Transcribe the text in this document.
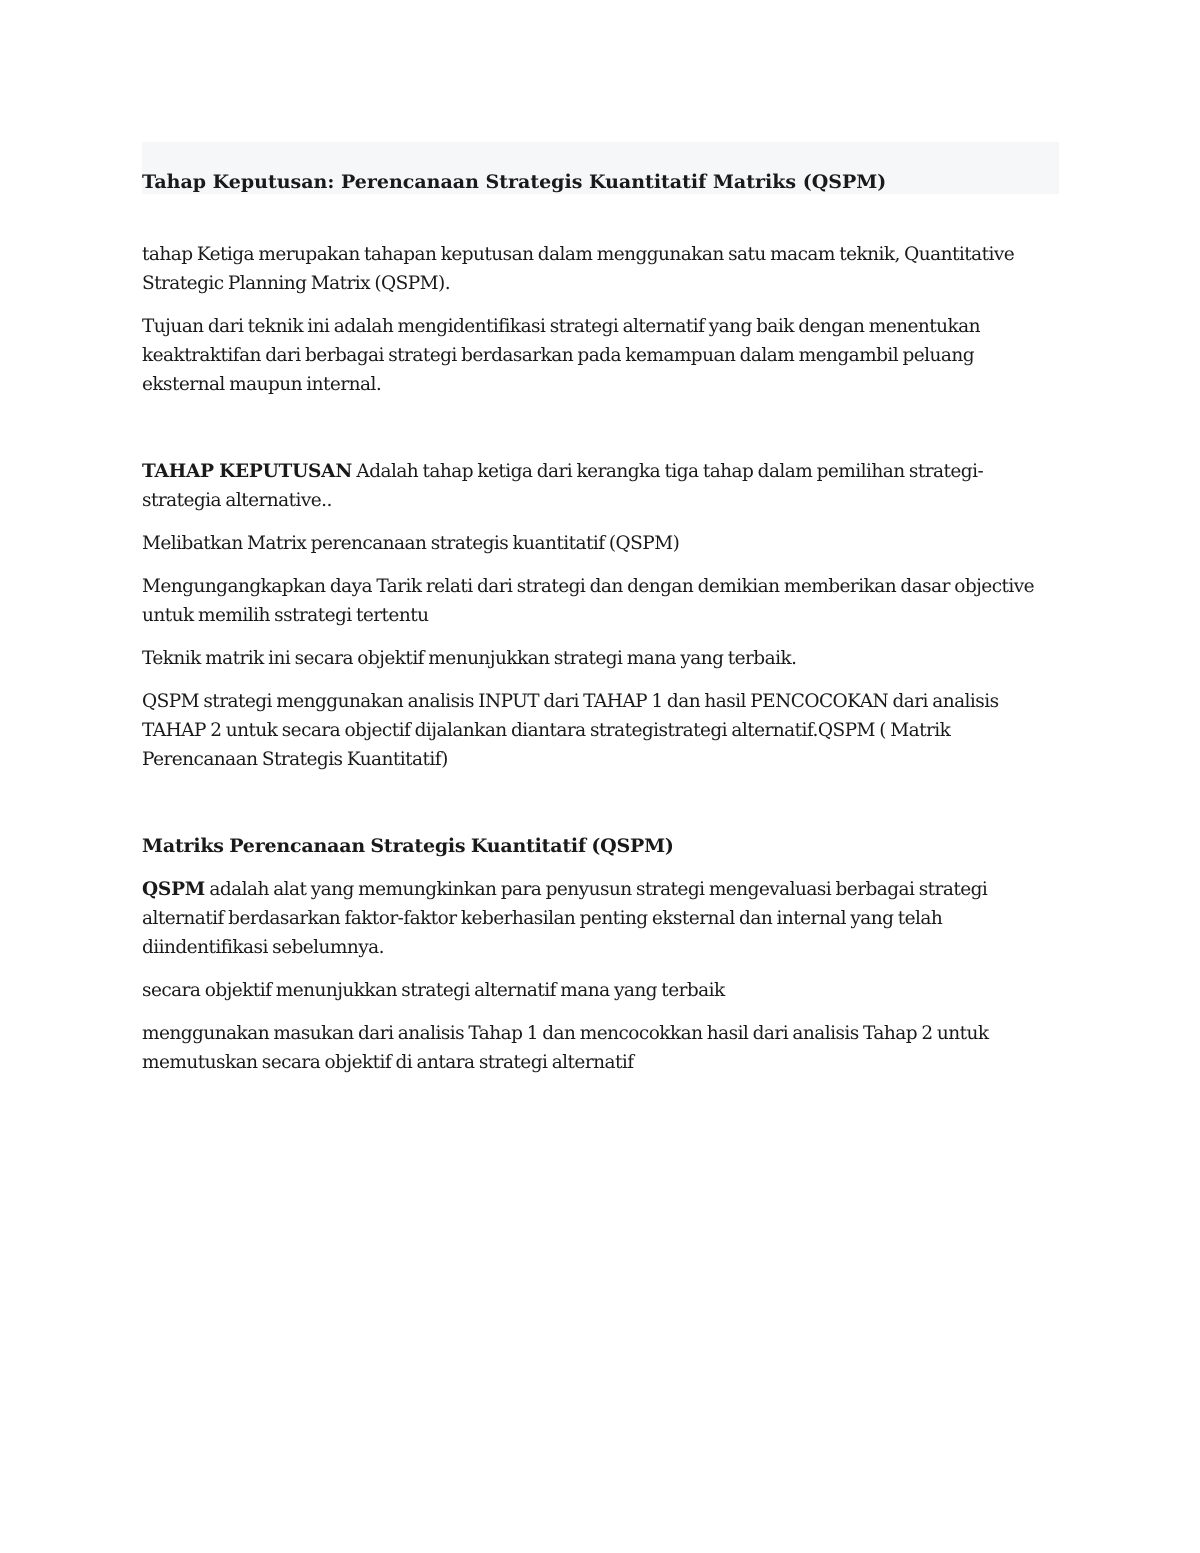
Tahap Keputusan: Perencanaan Strategis Kuantitatif Matriks (QSPM)

tahap Ketiga merupakan tahapan keputusan dalam menggunakan satu macam teknik, Quantitative Strategic Planning Matrix (QSPM).

Tujuan dari teknik ini adalah mengidentifikasi strategi alternatif yang baik dengan menentukan keaktraktifan dari berbagai strategi berdasarkan pada kemampuan dalam mengambil peluang eksternal maupun internal.

TAHAP KEPUTUSAN Adalah tahap ketiga dari kerangka tiga tahap dalam pemilihan strategi-strategia alternative..

Melibatkan Matrix perencanaan strategis kuantitatif (QSPM)

Mengungangkapkan daya Tarik relati dari strategi dan dengan demikian memberikan dasar objective untuk memilih sstrategi tertentu

Teknik matrik ini secara objektif menunjukkan strategi mana yang terbaik.

QSPM strategi menggunakan analisis INPUT dari TAHAP 1 dan hasil PENCOCOKAN dari analisis TAHAP 2 untuk secara objectif dijalankan diantara strategistrategi alternatif.QSPM ( Matrik Perencanaan Strategis Kuantitatif)

Matriks Perencanaan Strategis Kuantitatif (QSPM)

QSPM adalah alat yang memungkinkan para penyusun strategi mengevaluasi berbagai strategi alternatif berdasarkan faktor-faktor keberhasilan penting eksternal dan internal yang telah diindentifikasi sebelumnya.

secara objektif menunjukkan strategi alternatif mana yang terbaik

menggunakan masukan dari analisis Tahap 1 dan mencocokkan hasil dari analisis Tahap 2 untuk memutuskan secara objektif di antara strategi alternatif
